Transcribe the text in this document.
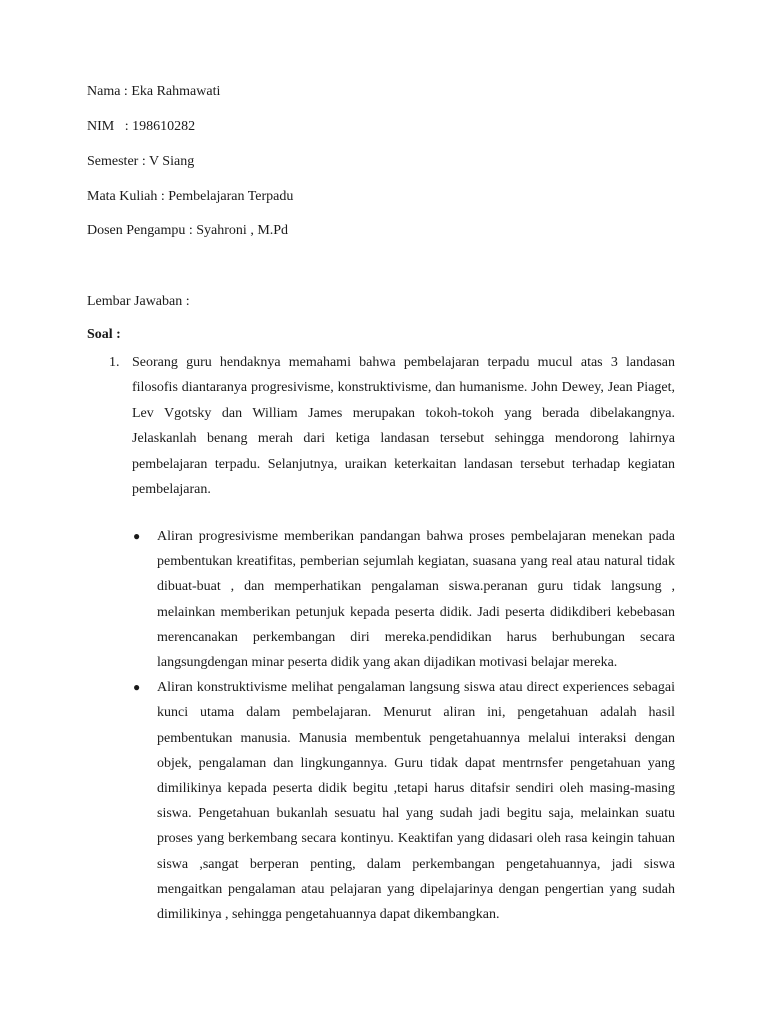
Nama : Eka Rahmawati
NIM   : 198610282
Semester : V Siang
Mata Kuliah : Pembelajaran Terpadu
Dosen Pengampu : Syahroni , M.Pd
Lembar Jawaban :
Soal :
1. Seorang guru hendaknya memahami bahwa pembelajaran terpadu mucul atas 3 landasan filosofis diantaranya progresivisme, konstruktivisme, dan humanisme. John Dewey, Jean Piaget, Lev Vgotsky dan William James merupakan tokoh-tokoh yang berada dibelakangnya. Jelaskanlah benang merah dari ketiga landasan tersebut sehingga mendorong lahirnya pembelajaran terpadu. Selanjutnya, uraikan keterkaitan landasan tersebut terhadap kegiatan pembelajaran.
● Aliran progresivisme memberikan pandangan bahwa proses pembelajaran menekan pada pembentukan kreatifitas, pemberian sejumlah kegiatan, suasana yang real atau natural tidak dibuat-buat , dan memperhatikan pengalaman siswa.peranan guru tidak langsung , melainkan memberikan petunjuk kepada peserta didik. Jadi peserta didikdiberi kebebasan merencanakan perkembangan diri mereka.pendidikan harus berhubungan secara langsungdengan minar peserta didik yang akan dijadikan motivasi belajar mereka.
● Aliran konstruktivisme melihat pengalaman langsung siswa atau direct experiences sebagai kunci utama dalam pembelajaran. Menurut aliran ini, pengetahuan adalah hasil pembentukan manusia. Manusia membentuk pengetahuannya melalui interaksi dengan objek, pengalaman dan lingkungannya. Guru tidak dapat mentrnsfer pengetahuan yang dimilikinya kepada peserta didik begitu ,tetapi harus ditafsir sendiri oleh masing-masing siswa. Pengetahuan bukanlah sesuatu hal yang sudah jadi begitu saja, melainkan suatu proses yang berkembang secara kontinyu. Keaktifan yang didasari oleh rasa keingin tahuan siswa ,sangat berperan penting, dalam perkembangan pengetahuannya, jadi siswa mengaitkan pengalaman atau pelajaran yang dipelajarinya dengan pengertian yang sudah dimilikinya , sehingga pengetahuannya dapat dikembangkan.
